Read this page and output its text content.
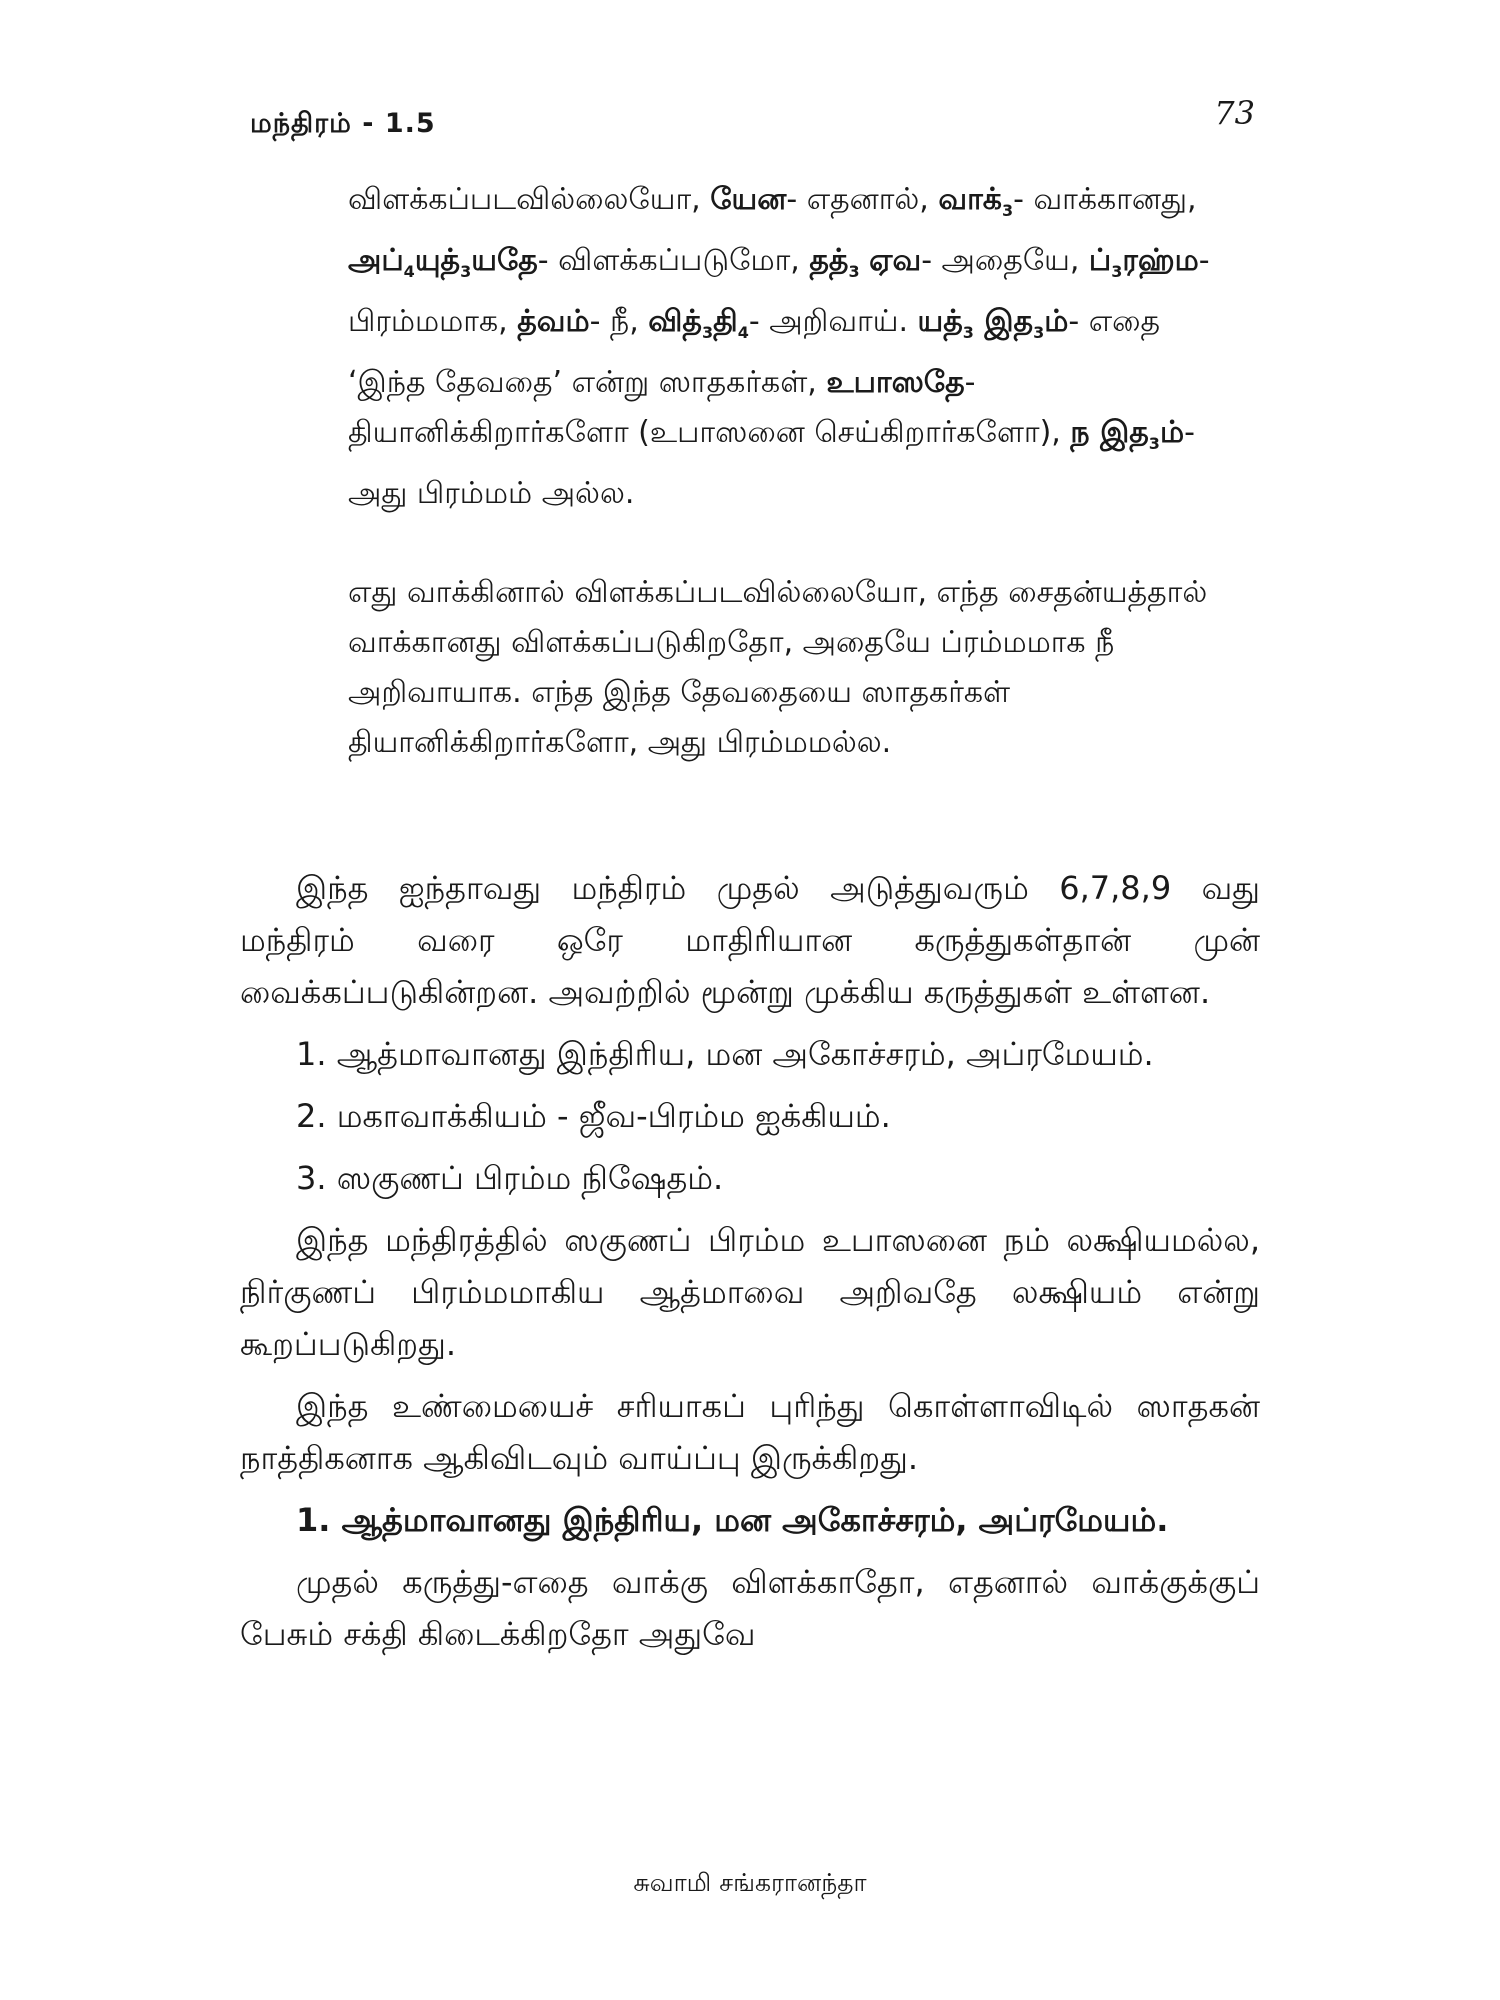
மந்திரம் - 1.5	73

விளக்கப்படவில்லையோ, யேன- எதனால், $வாக்_3-$ வாக்கானது, $அப்_4யுத்_3யதே-$ விளக்கப்படுமோ, $தத்_3$ ஏவ- அதையே, $ப்_3ரஹ்ம-$ பிரம்மமாக, த்வம்- நீ, $வித்_3தி_4-$ அறிவாய். $யத்_3$ இத$_3$ம்- எதை ‘இந்த தேவதை’ என்று ஸாதகர்கள், உபாஸதே- தியானிக்கிறார்களோ (உபாஸனை செய்கிறார்களோ), ந இத$_3$ம்- அது பிரம்மம் அல்ல.

எது வாக்கினால் விளக்கப்படவில்லையோ, எந்த சைதன்யத்தால் வாக்கானது விளக்கப்படுகிறதோ, அதையே ப்ரம்மமாக நீ அறிவாயாக. எந்த இந்த தேவதையை ஸாதகர்கள் தியானிக்கிறார்களோ, அது பிரம்மமல்ல.

இந்த ஐந்தாவது மந்திரம் முதல் அடுத்துவரும் 6,7,8,9 வது மந்திரம் வரை ஒரே மாதிரியான கருத்துகள்தான் முன் வைக்கப்படுகின்றன. அவற்றில் மூன்று முக்கிய கருத்துகள் உள்ளன.

1. ஆத்மாவானது இந்திரிய, மன அகோச்சரம், அப்ரமேயம்.

2. மகாவாக்கியம் - ஜீவ-பிரம்ம ஐக்கியம்.

3. ஸகுணப் பிரம்ம நிஷேதம்.

இந்த மந்திரத்தில் ஸகுணப் பிரம்ம உபாஸனை நம் லக்ஷியமல்ல, நிர்குணப் பிரம்மமாகிய ஆத்மாவை அறிவதே லக்ஷியம் என்று கூறப்படுகிறது.

இந்த உண்மையைச் சரியாகப் புரிந்து கொள்ளாவிடில் ஸாதகன் நாத்திகனாக ஆகிவிடவும் வாய்ப்பு இருக்கிறது.

1. ஆத்மாவானது இந்திரிய, மன அகோச்சரம், அப்ரமேயம்.

முதல் கருத்து-எதை வாக்கு விளக்காதோ, எதனால் வாக்குக்குப் பேசும் சக்தி கிடைக்கிறதோ அதுவே

சுவாமி சங்கரானந்தா
